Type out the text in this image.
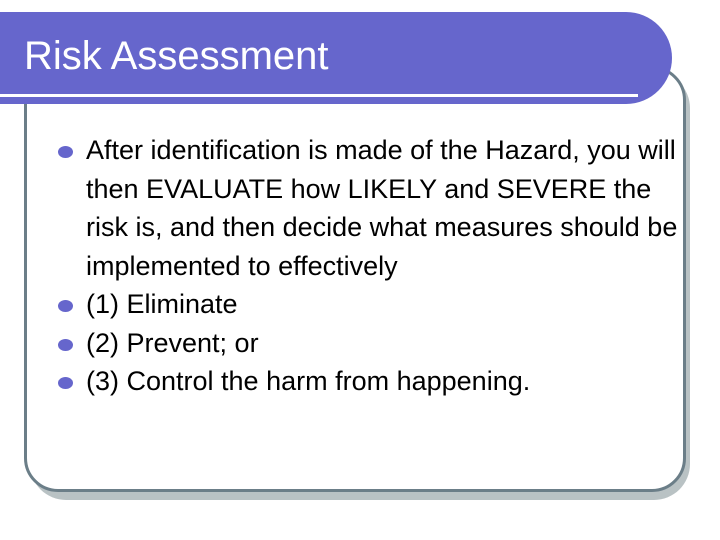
Risk Assessment
After identification is made of the Hazard, you will then EVALUATE how LIKELY and SEVERE the risk is, and then decide what measures should be implemented to effectively
(1) Eliminate
(2) Prevent; or
(3) Control the harm from happening.
